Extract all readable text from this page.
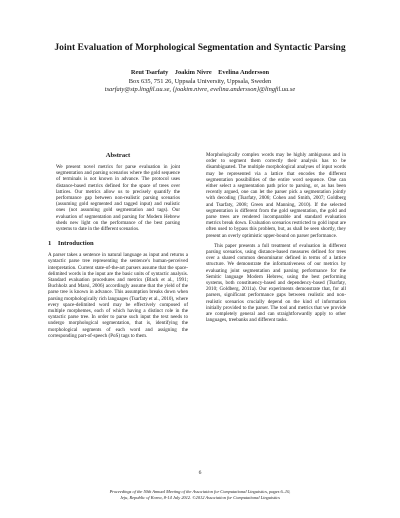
Joint Evaluation of Morphological Segmentation and Syntactic Parsing
Reut Tsarfaty    Joakim Nivre    Evelina Andersson
Box 635, 751 26, Uppsala University, Uppsala, Sweden
tsarfaty@stp.lingfil.uu.se, {joakim.nivre, evelina.andersson}@lingfil.uu.se
Abstract
We present novel metrics for parse evaluation in joint segmentation and parsing scenarios where the gold sequence of terminals is not known in advance. The protocol uses distance-based metrics defined for the space of trees over lattices. Our metrics allow us to precisely quantify the performance gap between non-realistic parsing scenarios (assuming gold segmented and tagged input) and realistic ones (not assuming gold segmentation and tags). Our evaluation of segmentation and parsing for Modern Hebrew sheds new light on the performance of the best parsing systems to date in the different scenarios.
1    Introduction
A parser takes a sentence in natural language as input and returns a syntactic parse tree representing the sentence's human-perceived interpretation. Current state-of-the-art parsers assume that the space-delimited words in the input are the basic units of syntactic analysis. Standard evaluation procedures and metrics (Black et al., 1991; Buchholz and Marsi, 2006) accordingly assume that the yield of the parse tree is known in advance. This assumption breaks down when parsing morphologically rich languages (Tsarfaty et al., 2010), where every space-delimited word may be effectively composed of multiple morphemes, each of which having a distinct role in the syntactic parse tree. In order to parse such input the text needs to undergo morphological segmentation, that is, identifying the morphological segments of each word and assigning the corresponding part-of-speech (PoS) tags to them.
Morphologically complex words may be highly ambiguous and in order to segment them correctly their analysis has to be disambiguated. The multiple morphological analyses of input words may be represented via a lattice that encodes the different segmentation possibilities of the entire word sequence. One can either select a segmentation path prior to parsing, or, as has been recently argued, one can let the parser pick a segmentation jointly with decoding (Tsarfaty, 2006; Cohen and Smith, 2007; Goldberg and Tsarfaty, 2008; Green and Manning, 2010). If the selected segmentation is different from the gold segmentation, the gold and parse trees are rendered incomparable and standard evaluation metrics break down. Evaluation scenarios restricted to gold input are often used to bypass this problem, but, as shall be seen shortly, they present an overly optimistic upper-bound on parser performance.
This paper presents a full treatment of evaluation in different parsing scenarios, using distance-based measures defined for trees over a shared common denominator defined in terms of a lattice structure. We demonstrate the informativeness of our metrics by evaluating joint segmentation and parsing performance for the Semitic language Modern Hebrew, using the best performing systems, both constituency-based and dependency-based (Tsarfaty, 2010; Goldberg, 2011a). Our experiments demonstrate that, for all parsers, significant performance gaps between realistic and non-realistic scenarios crucially depend on the kind of information initially provided to the parser. The tool and metrics that we provide are completely general and can straightforwardly apply to other languages, treebanks and different tasks.
6
Proceedings of the 50th Annual Meeting of the Association for Computational Linguistics, pages 6–10,
Jeju, Republic of Korea, 8-14 July 2012. ©2012 Association for Computational Linguistics
